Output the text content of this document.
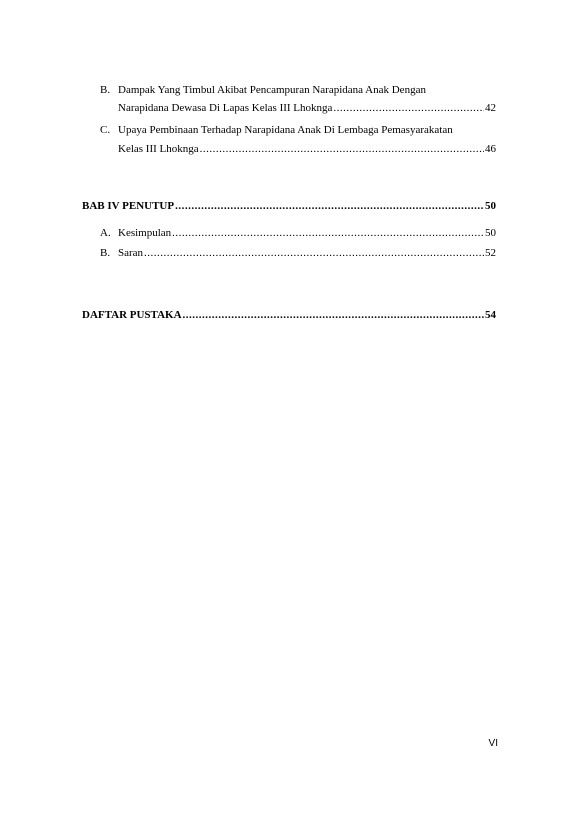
B. Dampak Yang Timbul Akibat Pencampuran Narapidana Anak Dengan
Narapidana Dewasa Di Lapas Kelas III Lhoknga .....	42
C. Upaya Pembinaan Terhadap Narapidana Anak Di Lembaga Pemasyarakatan
Kelas III Lhoknga .....	46
BAB IV PENUTUP .....	50
A. Kesimpulan .....	50
B. Saran .....	52
DAFTAR PUSTAKA .....	54
VI
